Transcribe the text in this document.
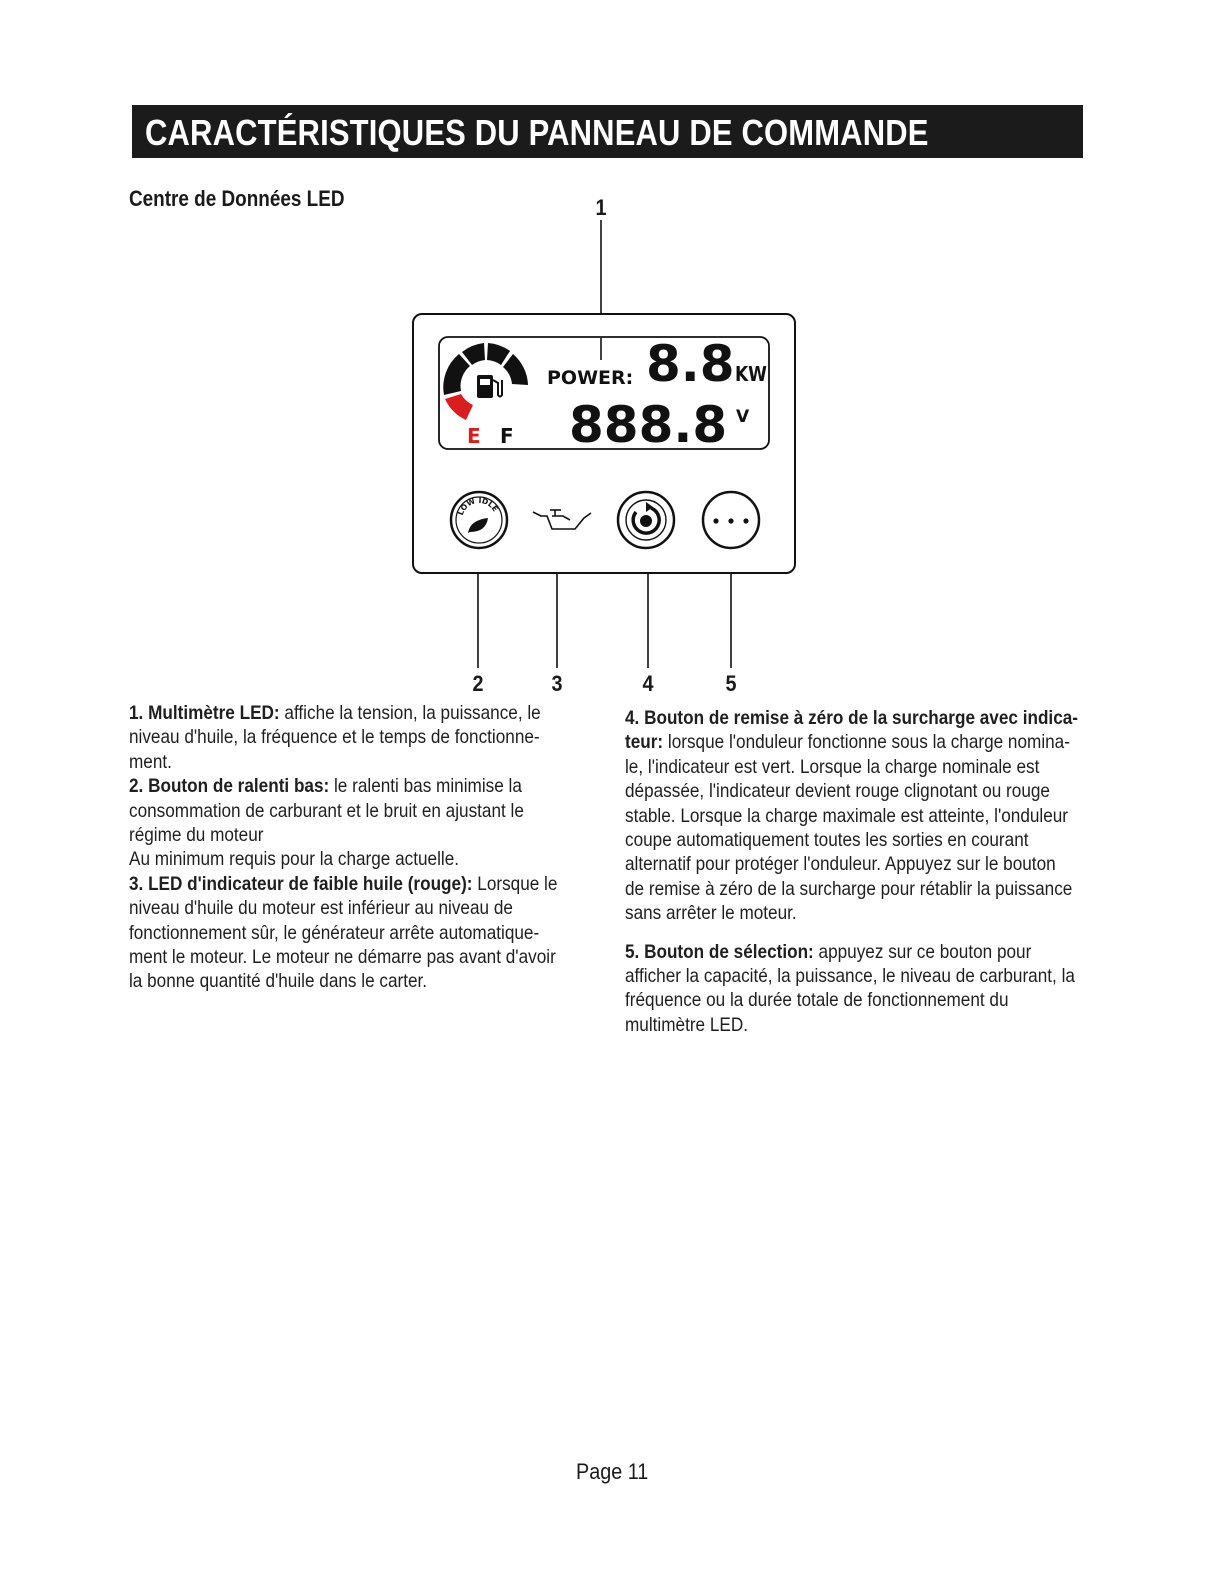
CARACTÉRISTIQUES DU PANNEAU DE COMMANDE
Centre de Données LED
E F
POWER: 8.8 KW
888.8 V
LOW IDLE
1
2	3	4	5

1. Multimètre LED: affiche la tension, la puissance, le niveau d'huile, la fréquence et le temps de fonctionne-ment.

2. Bouton de ralenti bas: le ralenti bas minimise la consommation de carburant et le bruit en ajustant le régime du moteur

Au minimum requis pour la charge actuelle.

3. LED d'indicateur de faible huile (rouge): Lorsque le niveau d'huile du moteur est inférieur au niveau de fonctionnement sûr, le générateur arrête automatique-ment le moteur. Le moteur ne démarre pas avant d'avoir la bonne quantité d'huile dans le carter.

4. Bouton de remise à zéro de la surcharge avec indica-teur: lorsque l'onduleur fonctionne sous la charge nomina-le, l'indicateur est vert. Lorsque la charge nominale est dépassée, l'indicateur devient rouge clignotant ou rouge stable. Lorsque la charge maximale est atteinte, l'onduleur coupe automatiquement toutes les sorties en courant alternatif pour protéger l'onduleur. Appuyez sur le bouton de remise à zéro de la surcharge pour rétablir la puissance sans arrêter le moteur.

5. Bouton de sélection: appuyez sur ce bouton pour afficher la capacité, la puissance, le niveau de carburant, la fréquence ou la durée totale de fonctionnement du multimètre LED.

Page 11
